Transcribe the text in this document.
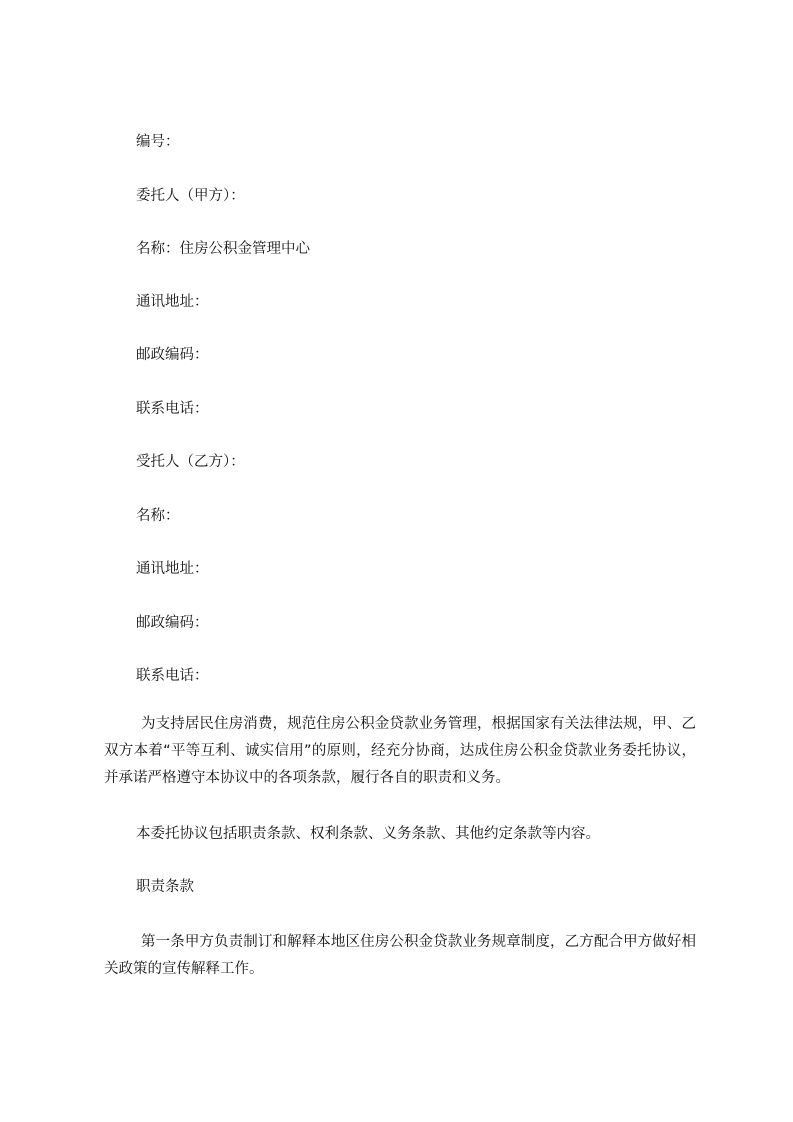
编号：
委托人（甲方）：
名称：住房公积金管理中心
通讯地址：
邮政编码：
联系电话：
受托人（乙方）：
名称：
通讯地址：
邮政编码：
联系电话：
为支持居民住房消费，规范住房公积金贷款业务管理，根据国家有关法律法规，甲、乙双方本着“平等互利、诚实信用”的原则，经充分协商，达成住房公积金贷款业务委托协议，并承诺严格遵守本协议中的各项条款，履行各自的职责和义务。
本委托协议包括职责条款、权利条款、义务条款、其他约定条款等内容。
职责条款
第一条甲方负责制订和解释本地区住房公积金贷款业务规章制度，乙方配合甲方做好相关政策的宣传解释工作。
